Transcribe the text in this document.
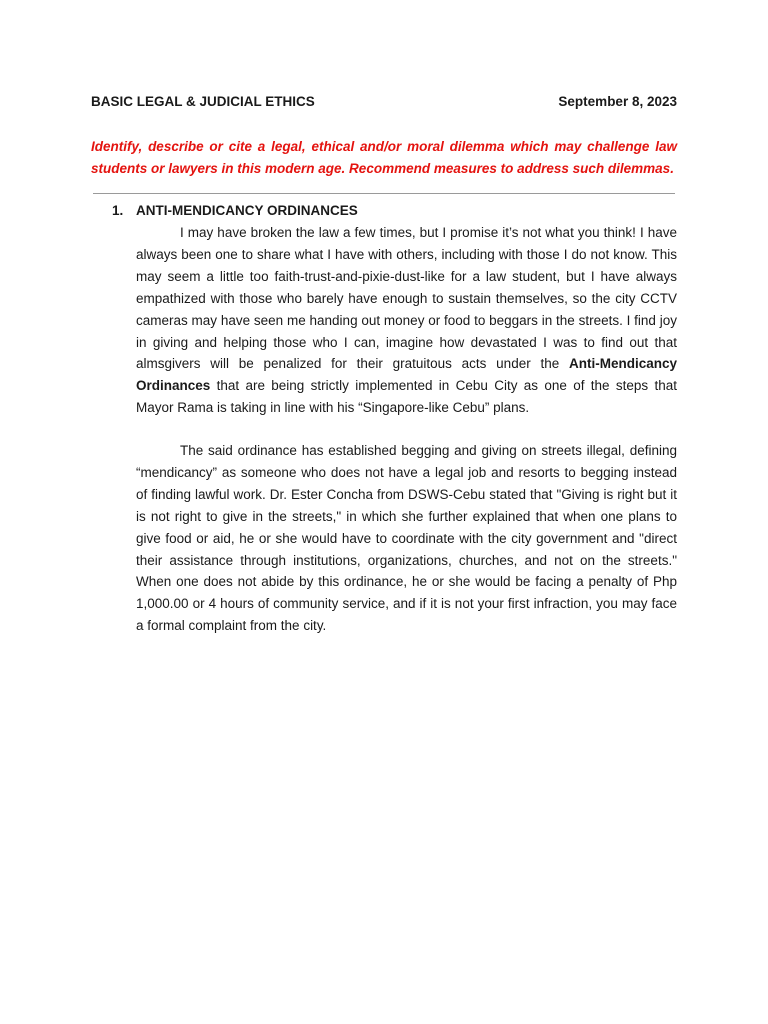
BASIC LEGAL & JUDICIAL ETHICS	September 8, 2023
Identify, describe or cite a legal, ethical and/or moral dilemma which may challenge law students or lawyers in this modern age. Recommend measures to address such dilemmas.
1. ANTI-MENDICANCY ORDINANCES

I may have broken the law a few times, but I promise it’s not what you think! I have always been one to share what I have with others, including with those I do not know. This may seem a little too faith-trust-and-pixie-dust-like for a law student, but I have always empathized with those who barely have enough to sustain themselves, so the city CCTV cameras may have seen me handing out money or food to beggars in the streets. I find joy in giving and helping those who I can, imagine how devastated I was to find out that almsgivers will be penalized for their gratuitous acts under the Anti-Mendicancy Ordinances that are being strictly implemented in Cebu City as one of the steps that Mayor Rama is taking in line with his “Singapore-like Cebu” plans.

The said ordinance has established begging and giving on streets illegal, defining “mendicancy” as someone who does not have a legal job and resorts to begging instead of finding lawful work. Dr. Ester Concha from DSWS-Cebu stated that "Giving is right but it is not right to give in the streets," in which she further explained that when one plans to give food or aid, he or she would have to coordinate with the city government and "direct their assistance through institutions, organizations, churches, and not on the streets." When one does not abide by this ordinance, he or she would be facing a penalty of Php 1,000.00 or 4 hours of community service, and if it is not your first infraction, you may face a formal complaint from the city.
